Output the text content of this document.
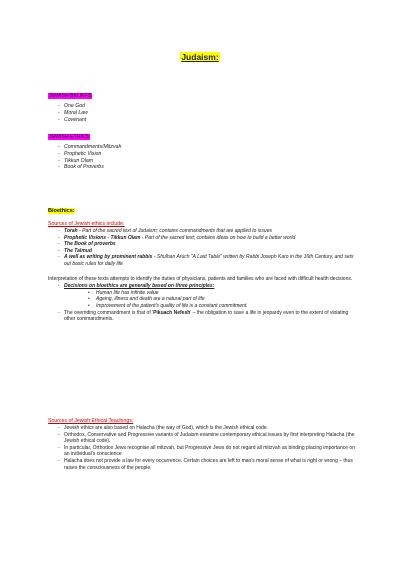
Judaism:
JEWISH BELIEFS
- One God
- Moral Law
- Covenant
JEWISH ETHICS
- Commandments/Mitzvah
- Prophetic Vision
- Tikkun Olam
- Book of Proverbs
Bioethics:
Sources of Jewish ethics include:
- Torah - Part of the sacred text of Judaism; contains commandments that are applied to issues
- Prophetic Visions - Tikkun Olam - Part of the sacred text; contains ideas on how to build a better world
- The Book of proverbs
- The Talmud
- A well as writing by prominent rabbis - Shulhan Aruch "A Laid Table" written by Rabbi Joseph Karo in the 16th Century, and sets out basic rules for daily life
Interpretation of these texts attempts to identify the duties of physicians, patients and families who are faced with difficult health decisions.
- Decisions on bioethics are generally based on three principles:
• Human life has infinite value
• Ageing, illness and death are a natural part of life
• Improvement of the patient's quality of life is a constant commitment.
- The overriding commandment is that of 'Pikuach Nefesh' – the obligation to save a life in jeopardy even to the extent of violating other commandments.
Sources of Jewish Ethical Teachings:
- Jewish ethics are also based on Halacha (the way of God), which is the Jewish ethical code.
- Orthodox, Conservative and Progressive variants of Judaism examine contemporary ethical issues by first interpreting Halacha (the Jewish ethical code).
- In particular, Orthodox Jews recognise all mitzvah, but Progressive Jews do not regard all mitzvah as binding placing importance on an individual's conscience
- Halacha does not provide a law for every occurrence. Certain choices are left to man's moral sense of what is right or wrong – thus raises the consciousness of the people.
